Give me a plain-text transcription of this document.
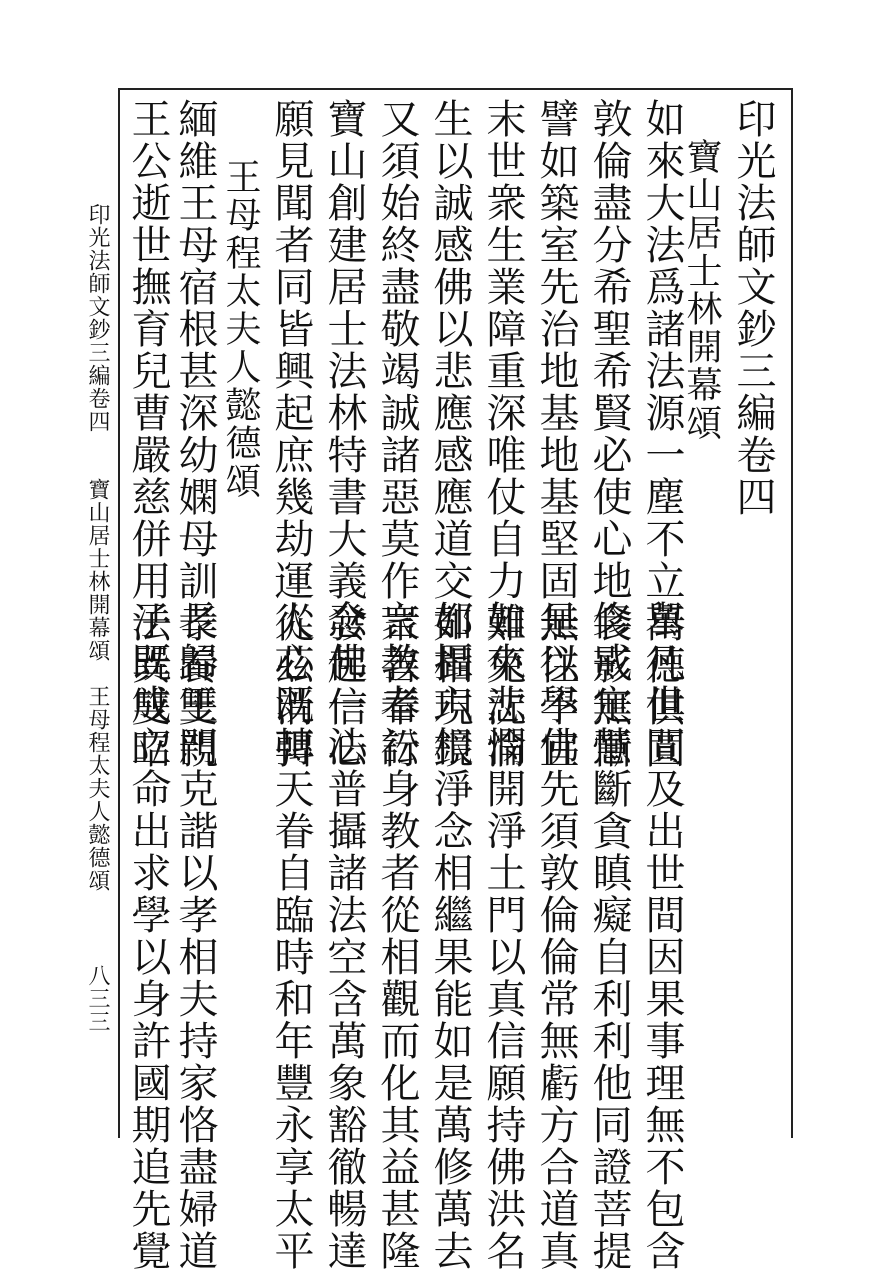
印光法師文鈔三編卷四
寶山居士林開幕頌
如來大法爲諸法源一塵不立萬德俱圓
敦倫盡分希聖希賢必使心地衾影無慚
譬如築室先治地基地基堅固無往不宜
末世衆生業障重深唯仗自力難免沈淪
生以誠感佛以悲應感應道交如相現鏡
又須始終盡敬竭誠諸惡莫作衆善奉行
寶山創建居士法林特書大義發起信心
願見聞者同皆興起庶幾劫運從茲消弭
舉凡世間及出世間因果事理無不包含
修戒定慧斷貪瞋癡自利利他同證菩提
是以學佛先須敦倫倫常無虧方合道真
如來悲憫開淨土門以真信願持佛洪名
都攝六根淨念相繼果能如是萬修萬去
言教者訟身教者從相觀而化其益甚隆
念佛一法普攝諸法空含萬象豁徹暢達
人心既轉天眷自臨時和年豐永享太平
王母程太夫人懿德頌
緬維王母宿根甚深幼嫻母訓孝養雙親
王公逝世撫育兒曹嚴慈併用法巽雙昭
長歸王門克諧以孝相夫持家恪盡婦道
子既成立命出求學以身許國期追先覺
印光法師文鈔三編卷四
寶山居士林開幕頌　王母程太夫人懿德頌
八三三
